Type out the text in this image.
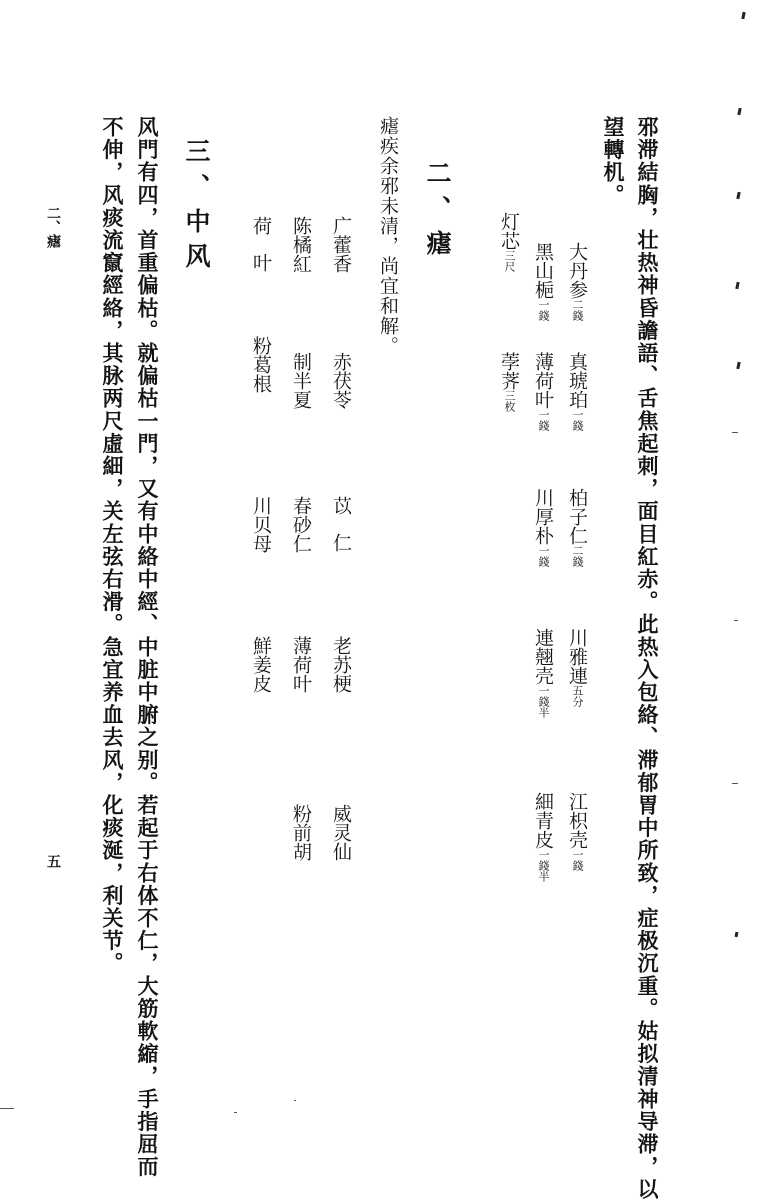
邪滞結胸，壮热神昏譫語、舌焦起刺，面目紅赤。此热入包絡、滞郁胃中所致，症极沉重。姑拟清神导滞，以
望轉机。
大丹参二錢
真琥珀一錢
柏子仁二錢
川雅連五分
江枳壳一錢
黑山梔一錢
薄荷叶一錢
川厚朴一錢
連翹壳一錢半
細青皮一錢半
灯芯三尺
荸荠三枚
二、瘧
瘧疾余邪未清，尚宜和解。
广藿香
赤茯苓
苡仁
老苏梗
威灵仙
陈橘紅
制半夏
春砂仁
薄荷叶
粉前胡
荷叶
粉葛根
川贝母
鮮姜皮
三、中风
风門有四，首重偏枯。就偏枯一門，又有中絡中經、中脏中腑之别。若起于右体不仁，大筋軟縮，手指屈而
不伸，风痰流竄經絡，其脉两尺虛細，关左弦右滑。急宜养血去风，化痰涎，利关节。
二、瘧
五
